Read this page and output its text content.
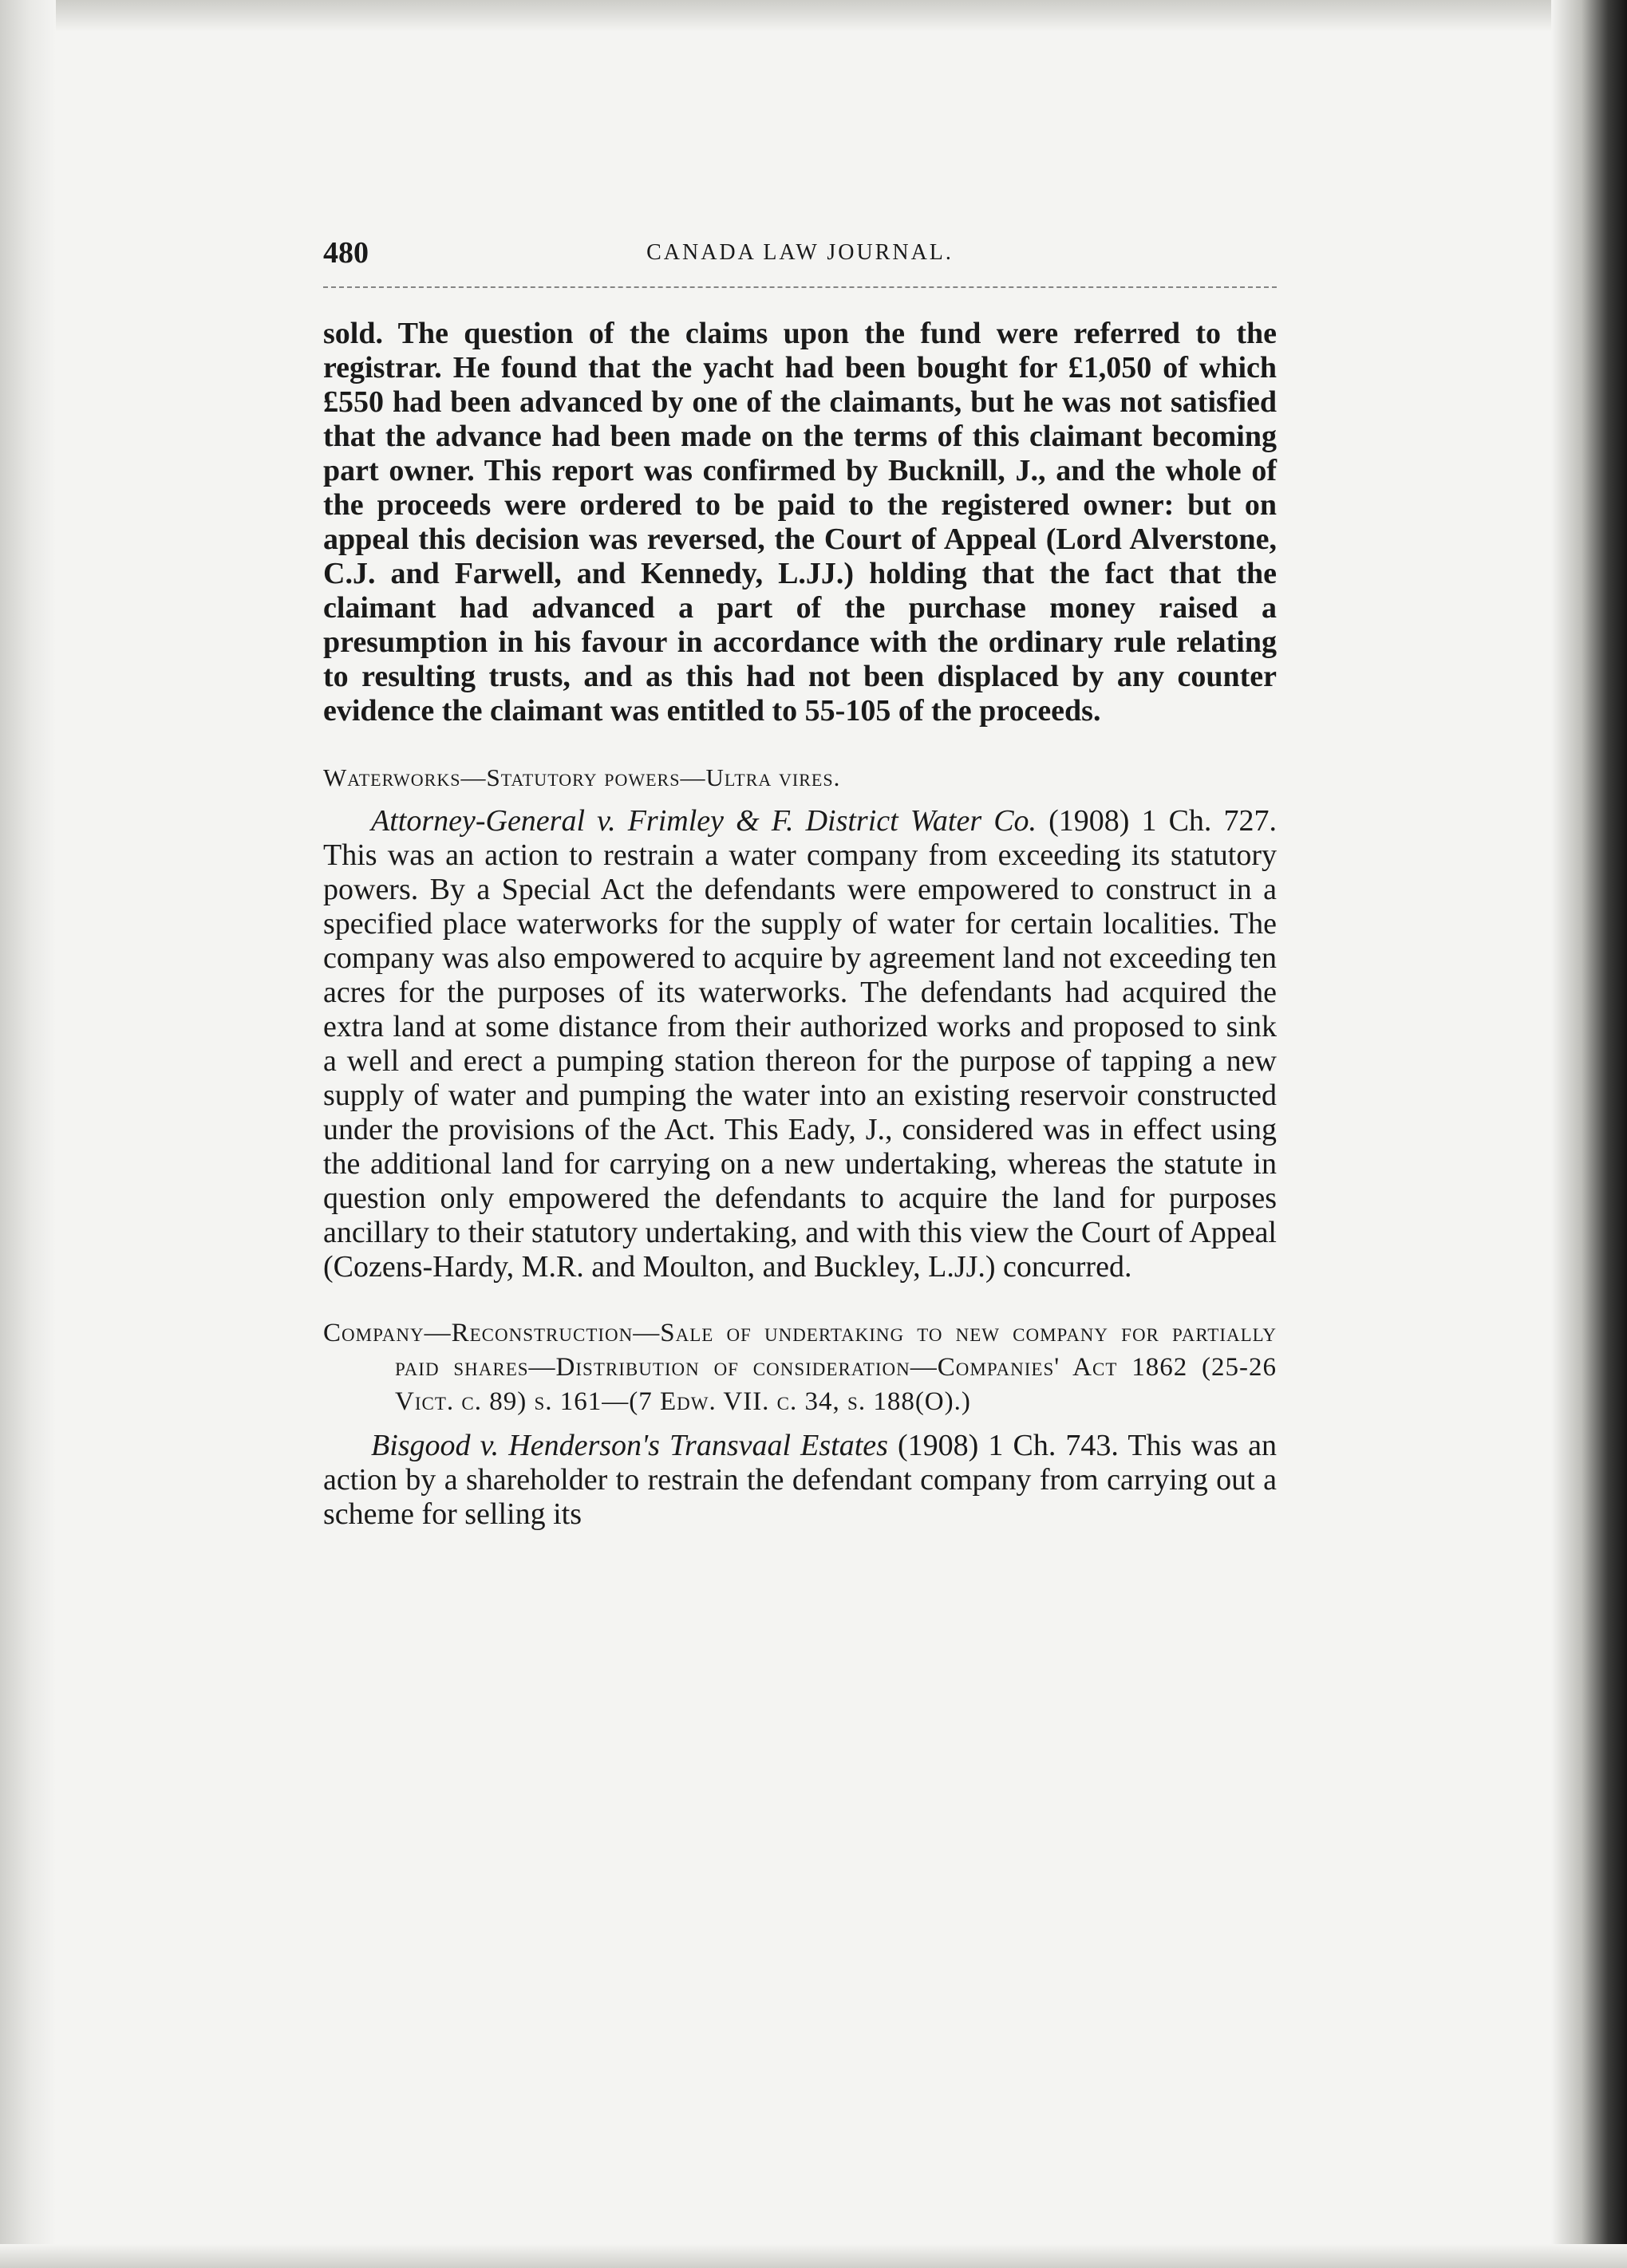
480	CANADA LAW JOURNAL.

sold. The question of the claims upon the fund were referred to the registrar. He found that the yacht had been bought for £1,050 of which £550 had been advanced by one of the claimants, but he was not satisfied that the advance had been made on the terms of this claimant becoming part owner. This report was confirmed by Bucknill, J., and the whole of the proceeds were ordered to be paid to the registered owner: but on appeal this decision was reversed, the Court of Appeal (Lord Alverstone, C.J. and Farwell, and Kennedy, L.JJ.) holding that the fact that the claimant had advanced a part of the purchase money raised a presumption in his favour in accordance with the ordinary rule relating to resulting trusts, and as this had not been displaced by any counter evidence the claimant was entitled to 55-105 of the proceeds.

Waterworks—Statutory powers—Ultra vires.

Attorney-General v. Frimley & F. District Water Co. (1908) 1 Ch. 727. This was an action to restrain a water company from exceeding its statutory powers. By a Special Act the defendants were empowered to construct in a specified place waterworks for the supply of water for certain localities. The company was also empowered to acquire by agreement land not exceeding ten acres for the purposes of its waterworks. The defendants had acquired the extra land at some distance from their authorized works and proposed to sink a well and erect a pumping station thereon for the purpose of tapping a new supply of water and pumping the water into an existing reservoir constructed under the provisions of the Act. This Eady, J., considered was in effect using the additional land for carrying on a new undertaking, whereas the statute in question only empowered the defendants to acquire the land for purposes ancillary to their statutory undertaking, and with this view the Court of Appeal (Cozens-Hardy, M.R. and Moulton, and Buckley, L.JJ.) concurred.

Company—Reconstruction—Sale of undertaking to new company for partially paid shares—Distribution of consideration—Companies' Act 1862 (25-26 Vict. c. 89) s. 161—(7 Edw. VII. c. 34, s. 188(O).)

Bisgood v. Henderson's Transvaal Estates (1908) 1 Ch. 743. This was an action by a shareholder to restrain the defendant company from carrying out a scheme for selling its
